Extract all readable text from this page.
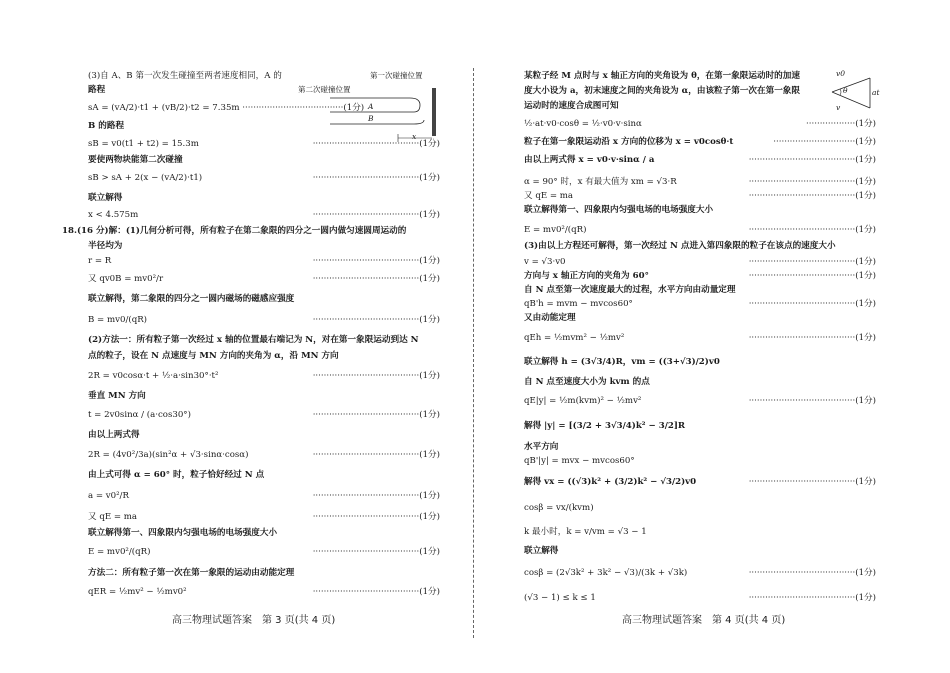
(3)自 A、B 第一次发生碰撞至两者速度相同，A 的
路程
sA = (vA/2)·t1 + (vB/2)·t2 = 7.35m ·····································(1分)
B 的路程
sB = v0(t1 + t2) = 15.3m
要使两物块能第二次碰撞
sB > sA + 2(x − (vA/2)·t1)
联立解得
x < 4.575m
18.(16 分)解：(1)几何分析可得，所有粒子在第二象限的四分之一圆内做匀速圆周运动的
半径均为
r = R
又 qv0B = mv0²/r
联立解得，第二象限的四分之一圆内磁场的磁感应强度
B = mv0/(qR)
(2)方法一：所有粒子第一次经过 x 轴的位置最右端记为 N，对在第一象限运动到达 N
点的粒子，设在 N 点速度与 MN 方向的夹角为 α，沿 MN 方向
2R = v0cosα·t + ½·a·sin30°·t²
垂直 MN 方向
t = 2v0sinα / (a·cos30°)
由以上两式得
2R = (4v0²/3a)(sin²α + √3·sinα·cosα)
由上式可得 α = 60° 时，粒子恰好经过 N 点
a = v0²/R
又 qE = ma
联立解得第一、四象限内匀强电场的电场强度大小
E = mv0²/(qR)
方法二：所有粒子第一次在第一象限的运动由动能定理
qER = ½mv² − ½mv0²
·······································(1分)
·······································(1分)
·······································(1分)
·······································(1分)
·······································(1分)
·······································(1分)
·······································(1分)
·······································(1分)
·······································(1分)
·······································(1分)
·······································(1分)
·······································(1分)
·······································(1分)
第一次碰撞位置
第二次碰撞位置
A
B
x
某粒子经 M 点时与 x 轴正方向的夹角设为 θ，在第一象限运动时的加速
度大小设为 a，初末速度之间的夹角设为 α，由该粒子第一次在第一象限
运动时的速度合成图可知
½·at·v0·cosθ = ½·v0·v·sinα
粒子在第一象限运动沿 x 方向的位移为 x = v0cosθ·t
由以上两式得 x = v0·v·sinα / a
α = 90° 时，x 有最大值为 xm = √3·R
又 qE = ma
联立解得第一、四象限内匀强电场的电场强度大小
E = mv0²/(qR)
(3)由以上方程还可解得，第一次经过 N 点进入第四象限的粒子在该点的速度大小
v = √3·v0
方向与 x 轴正方向的夹角为 60°
自 N 点至第一次速度最大的过程，水平方向由动量定理
qB'h = mvm − mvcos60°
又由动能定理
qEh = ½mvm² − ½mv²
联立解得 h = (3√3/4)R，vm = ((3+√3)/2)v0
自 N 点至速度大小为 kvm 的点
qE|y| = ½m(kvm)² − ½mv²
解得 |y| = [(3/2 + 3√3/4)k² − 3/2]R
水平方向
qB'|y| = mvx − mvcos60°
解得 vx = ((√3)k² + (3/2)k² − √3/2)v0
cosβ = vx/(kvm)
k 最小时，k = v/vm = √3 − 1
联立解得
cosβ = (2√3k² + 3k² − √3)/(3k + √3k)
(√3 − 1) ≤ k ≤ 1
··················(1分)
······························(1分)
·······································(1分)
·······································(1分)
·······································(1分)
·······································(1分)
·······································(1分)
·······································(1分)
·······································(1分)
·······································(1分)
·······································(1分)
·······································(1分)
·······································(1分)
·······································(1分)
v0
θ	at
v
高三物理试题答案　第 3 页(共 4 页)	高三物理试题答案　第 4 页(共 4 页)
